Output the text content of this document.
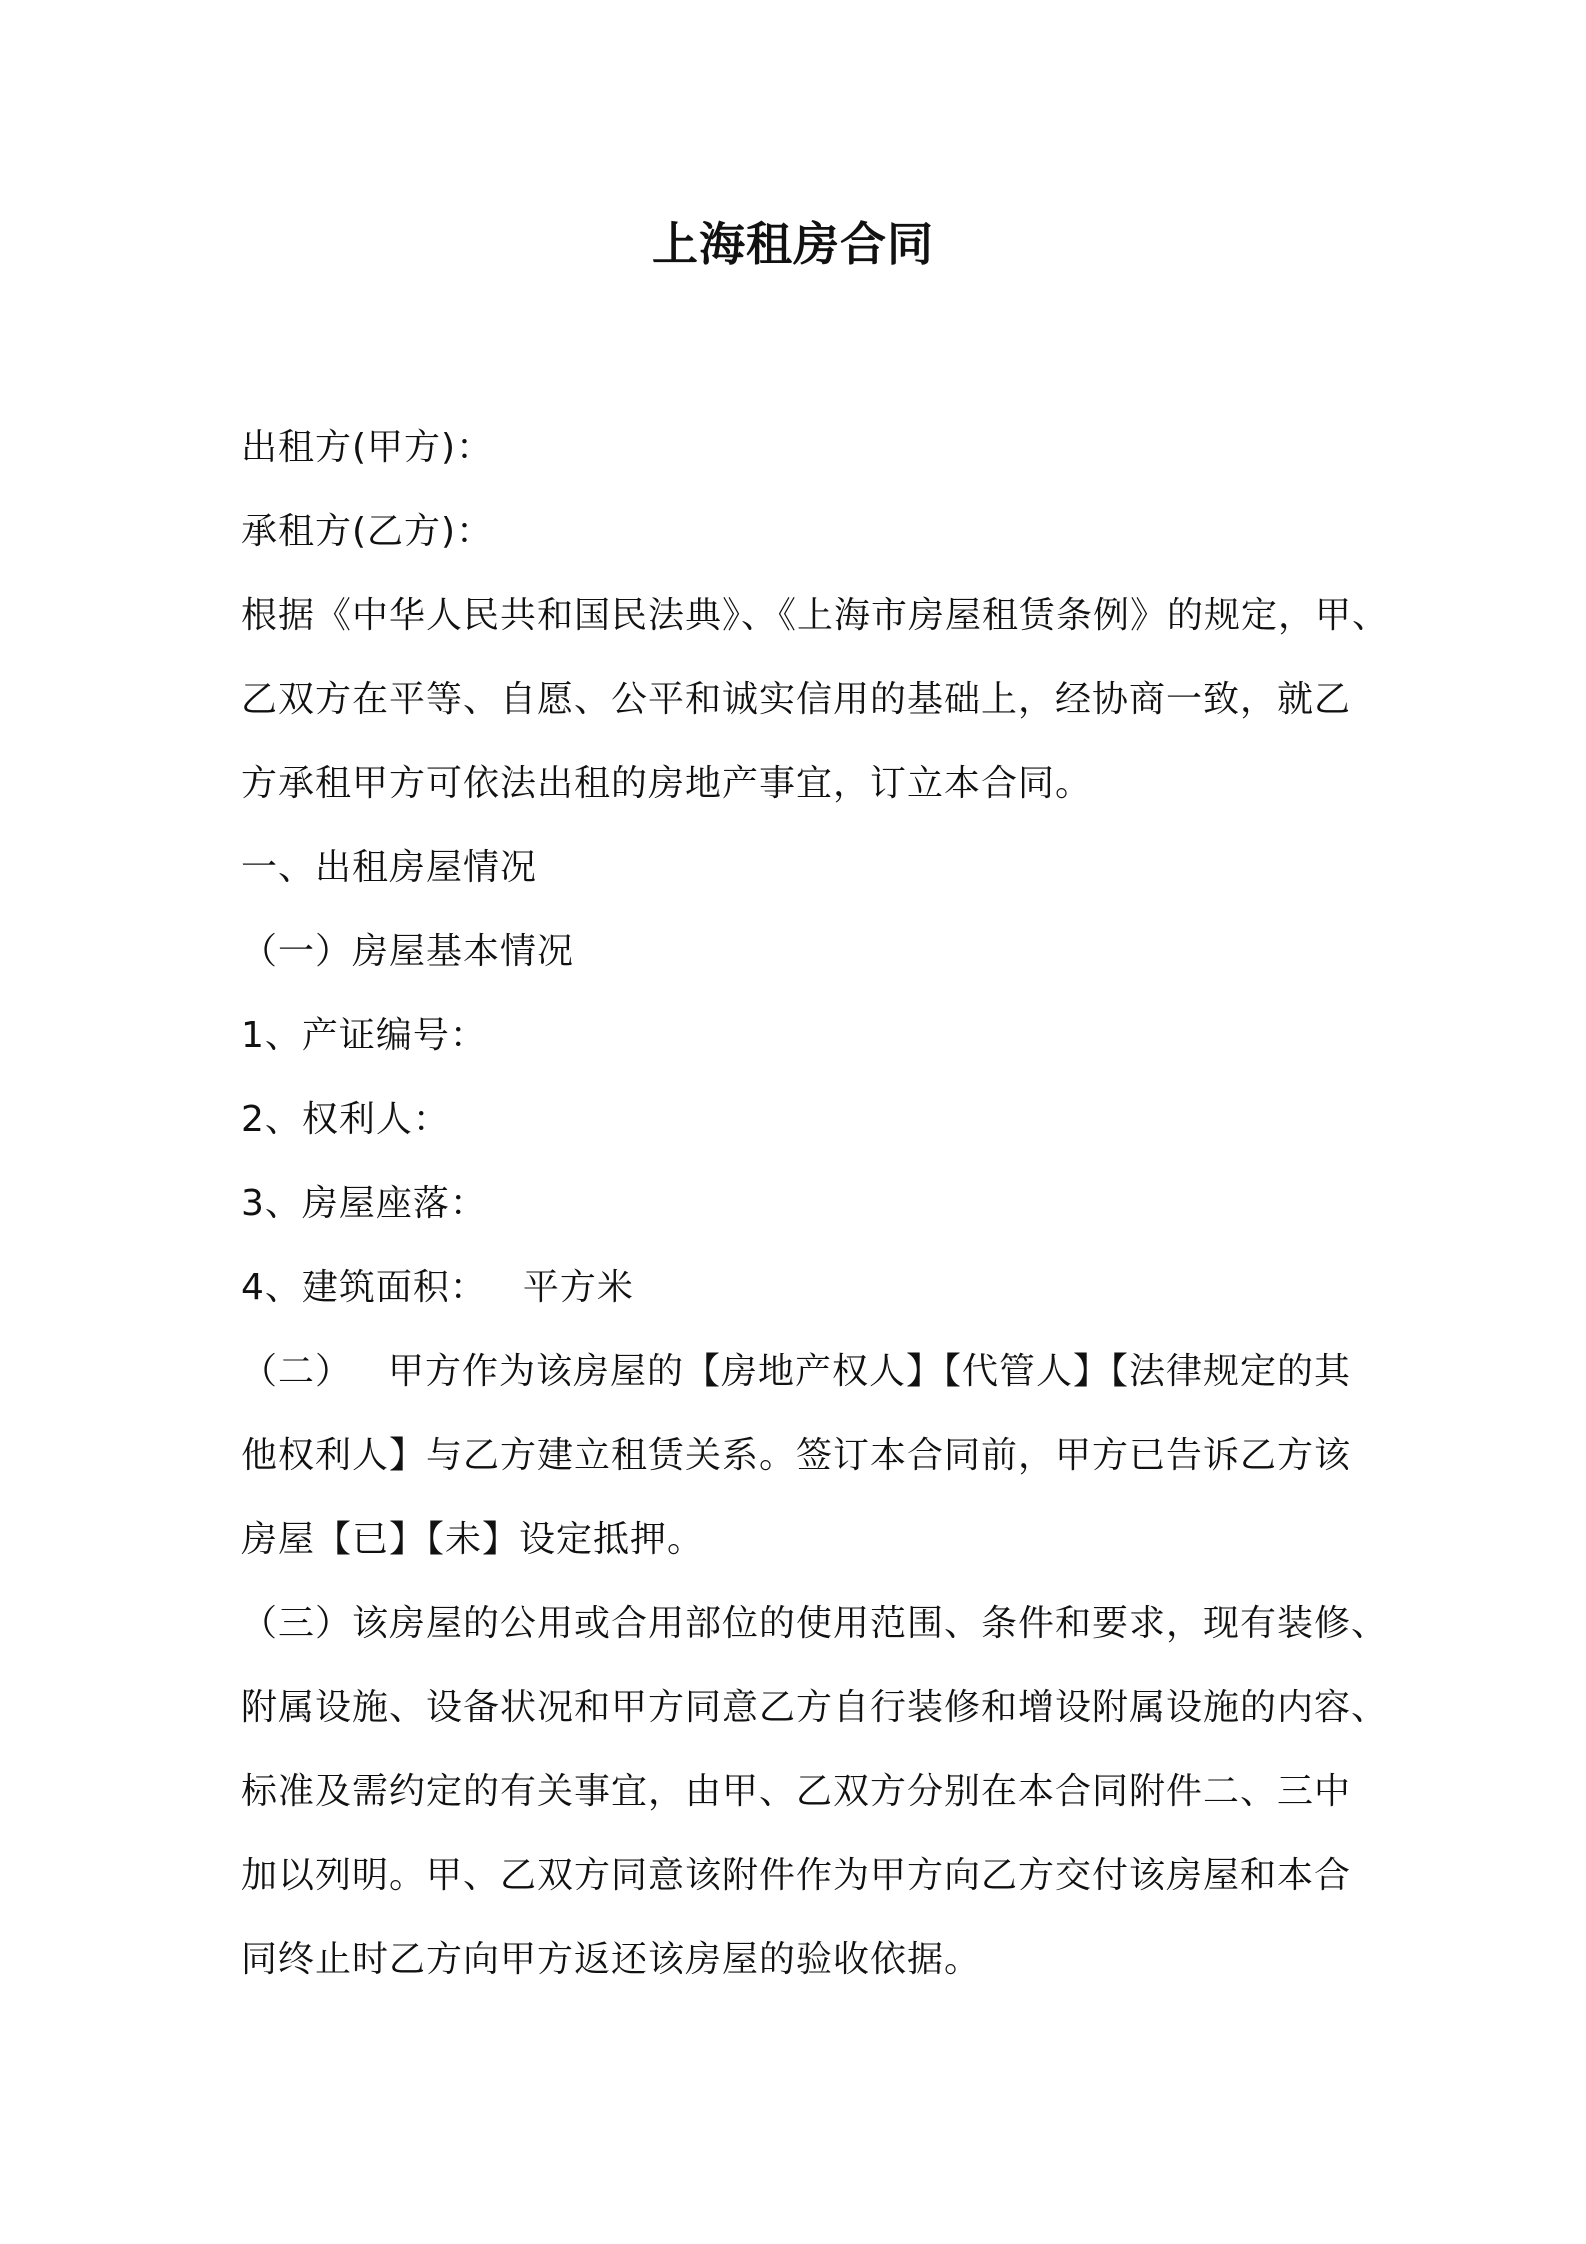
上海租房合同
出租方(甲方)：
承租方(乙方)：
根据《中华人民共和国民法典》、《上海市房屋租赁条例》的规定，甲、
乙双方在平等、自愿、公平和诚实信用的基础上，经协商一致，就乙
方承租甲方可依法出租的房地产事宜，订立本合同。
一、出租房屋情况
（一）房屋基本情况
1、产证编号：
2、权利人：
3、房屋座落：
4、建筑面积： 平方米
（二） 甲方作为该房屋的【房地产权人】【代管人】【法律规定的其
他权利人】与乙方建立租赁关系。签订本合同前，甲方已告诉乙方该
房屋【已】【未】设定抵押。
（三）该房屋的公用或合用部位的使用范围、条件和要求，现有装修、
附属设施、设备状况和甲方同意乙方自行装修和增设附属设施的内容、
标准及需约定的有关事宜，由甲、乙双方分别在本合同附件二、三中
加以列明。甲、乙双方同意该附件作为甲方向乙方交付该房屋和本合
同终止时乙方向甲方返还该房屋的验收依据。
